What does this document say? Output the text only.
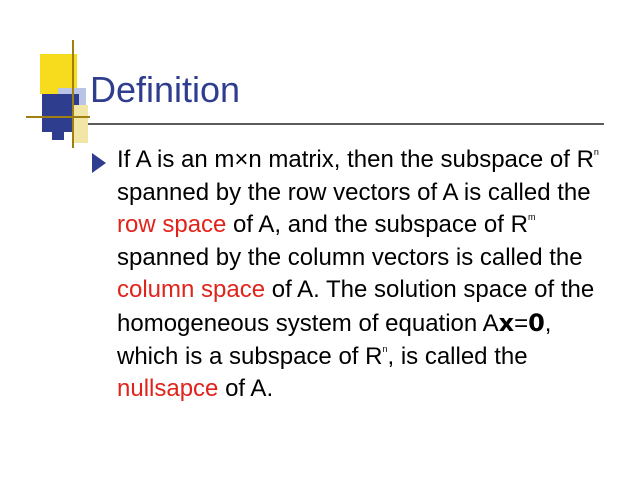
Definition
If A is an m×n matrix, then the subspace of $R^n$ spanned by the row vectors of A is called the row space of A, and the subspace of $R^m$ spanned by the column vectors is called the column space of A. The solution space of the homogeneous system of equation Ax=0, which is a subspace of $R^n$, is called the nullsapce of A.
